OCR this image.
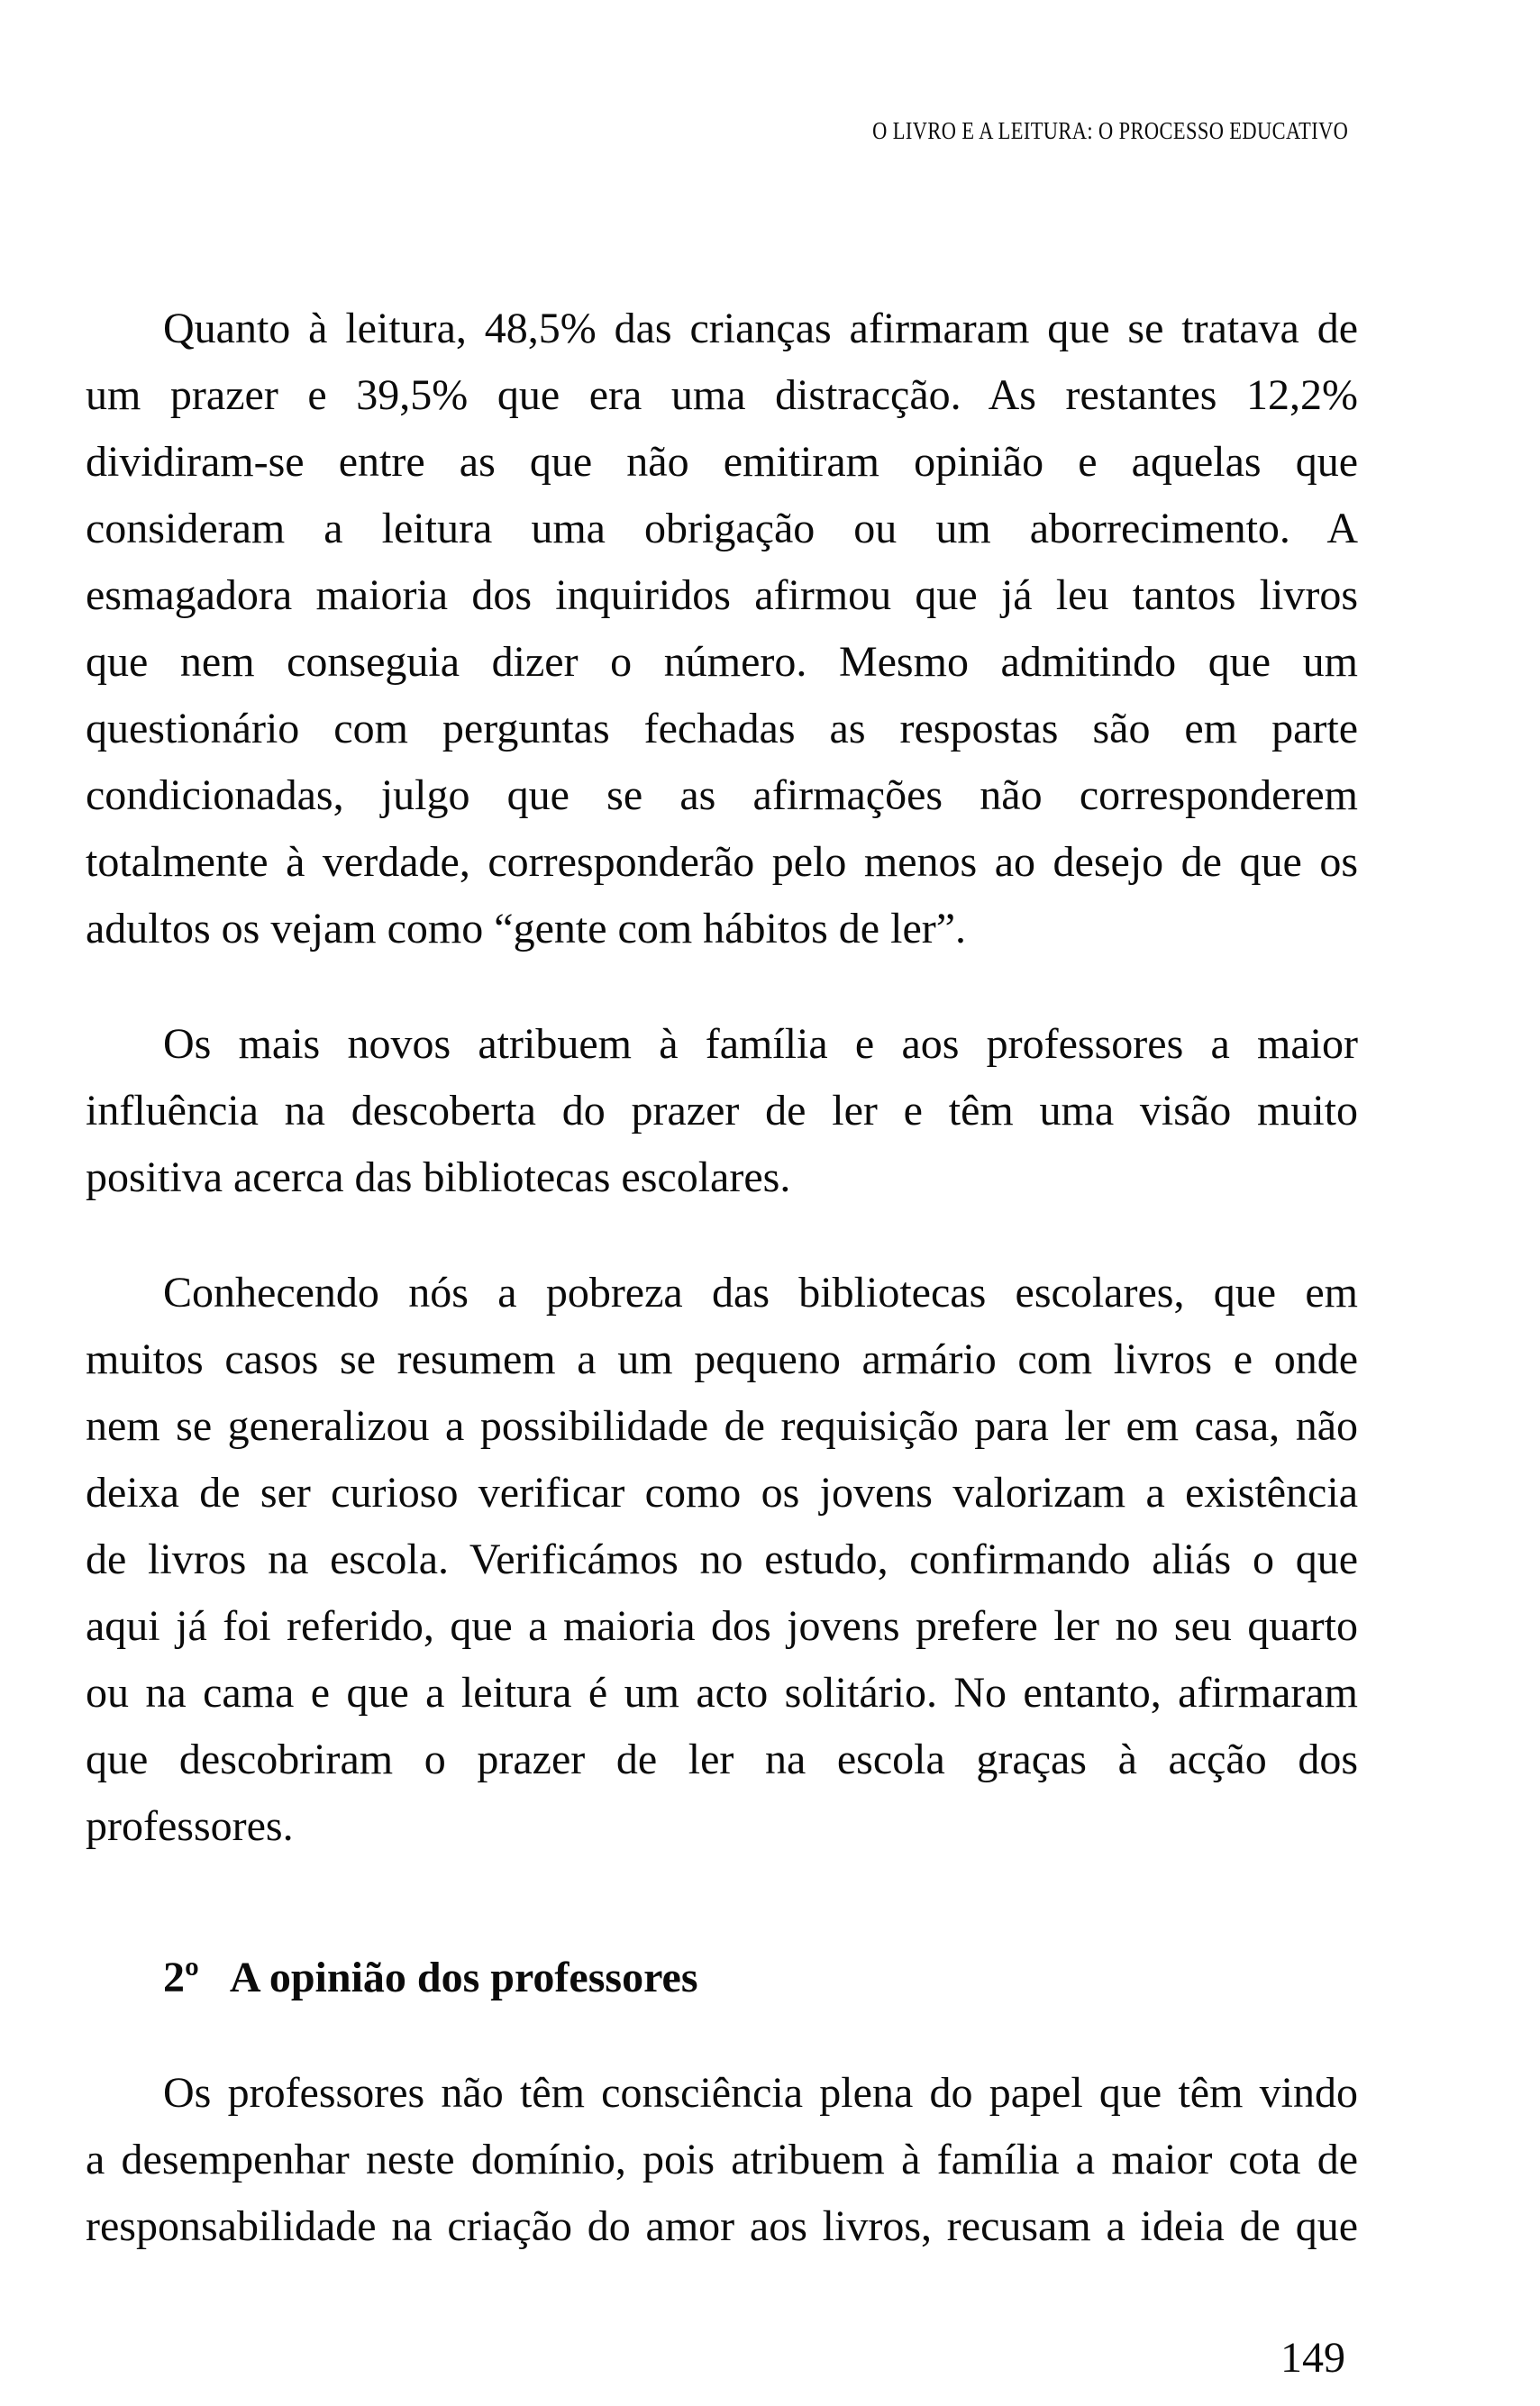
O LIVRO E A LEITURA: O PROCESSO EDUCATIVO

Quanto à leitura, 48,5% das crianças afirmaram que se tratava de
um prazer e 39,5% que era uma distracção. As restantes 12,2%
dividiram-se entre as que não emitiram opinião e aquelas que
consideram a leitura uma obrigação ou um aborrecimento. A
esmagadora maioria dos inquiridos afirmou que já leu tantos livros
que nem conseguia dizer o número. Mesmo admitindo que um
questionário com perguntas fechadas as respostas são em parte
condicionadas, julgo que se as afirmações não corresponderem
totalmente à verdade, corresponderão pelo menos ao desejo de que os
adultos os vejam como “gente com hábitos de ler”.

Os mais novos atribuem à família e aos professores a maior
influência na descoberta do prazer de ler e têm uma visão muito
positiva acerca das bibliotecas escolares.

Conhecendo nós a pobreza das bibliotecas escolares, que em
muitos casos se resumem a um pequeno armário com livros e onde
nem se generalizou a possibilidade de requisição para ler em casa, não
deixa de ser curioso verificar como os jovens valorizam a existência
de livros na escola. Verificámos no estudo, confirmando aliás o que
aqui já foi referido, que a maioria dos jovens prefere ler no seu quarto
ou na cama e que a leitura é um acto solitário. No entanto, afirmaram
que descobriram o prazer de ler na escola graças à acção dos
professores.

2º A opinião dos professores

Os professores não têm consciência plena do papel que têm vindo
a desempenhar neste domínio, pois atribuem à família a maior cota de
responsabilidade na criação do amor aos livros, recusam a ideia de que

149
